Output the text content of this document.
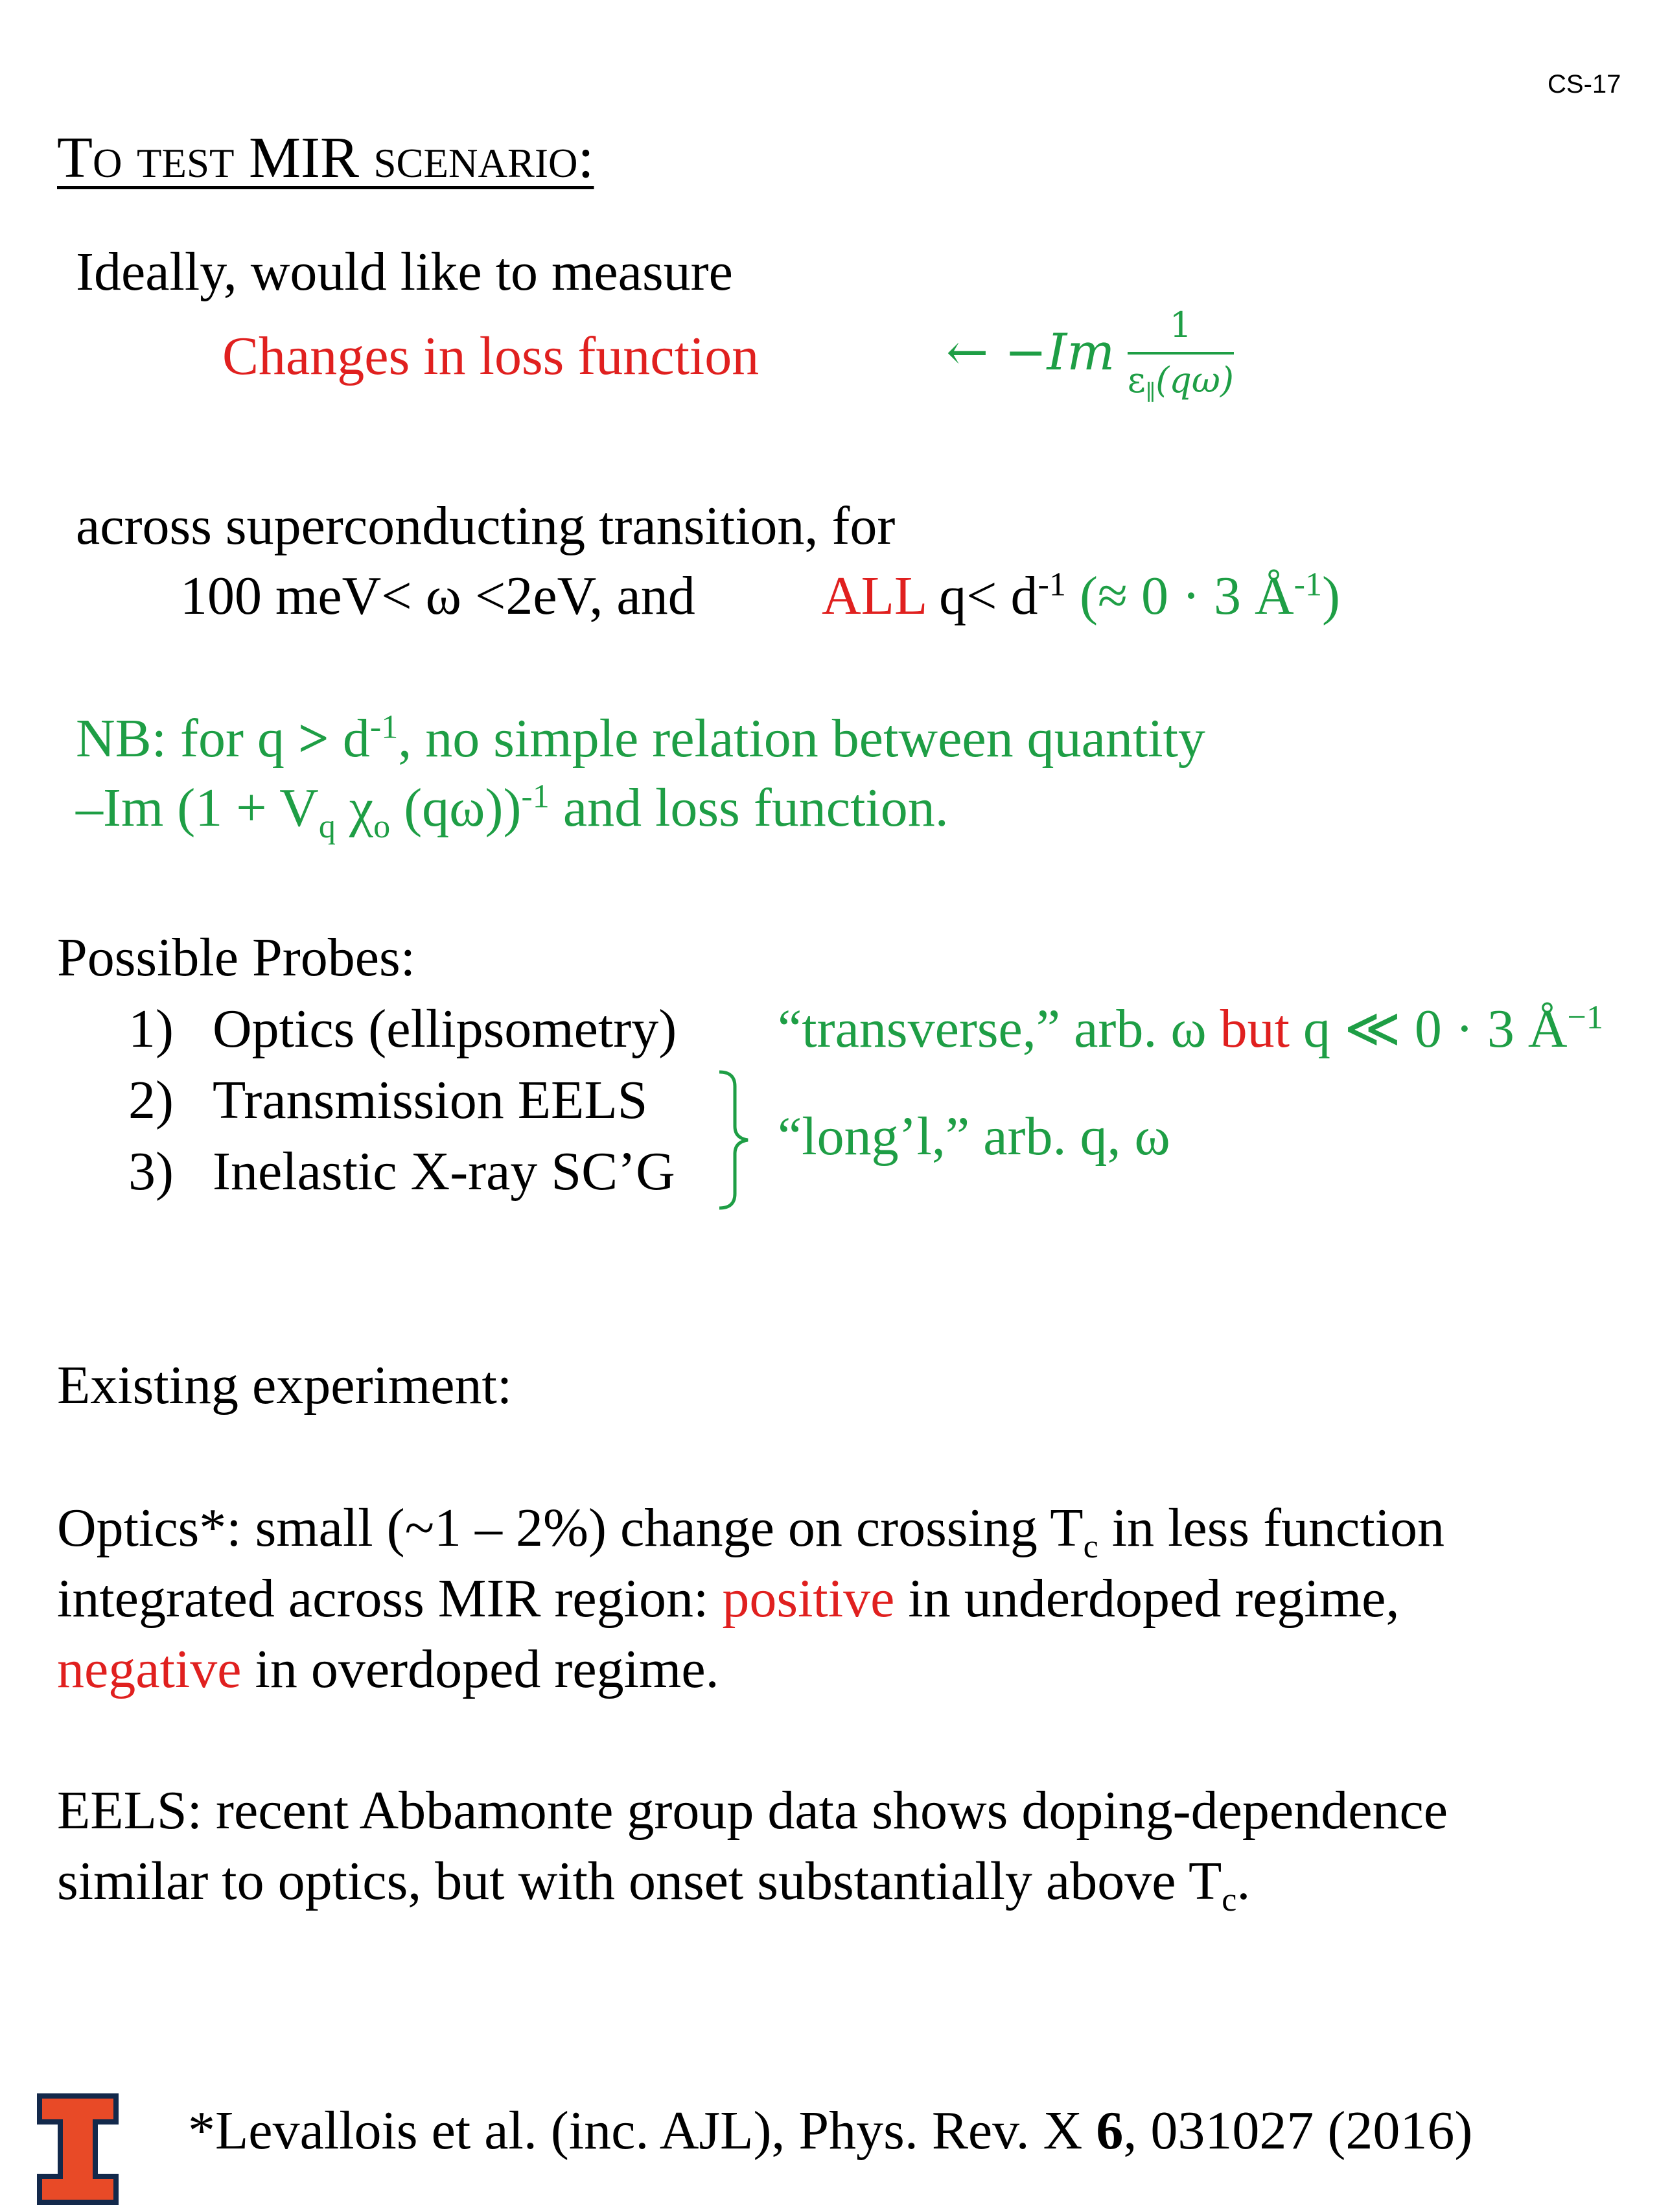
CS-17
To test MIR scenario:
Ideally, would like to measure
Changes in loss function	← $-Im \frac{1}{\varepsilon_\parallel(q\omega)}$
across superconducting transition, for
100 meV< ω <2eV, and ALL $q< d^{-1}$ (≈ 0 · 3 $Å^{-1}$)
NB: for $q > d^{-1}$, no simple relation between quantity
–Im ($1 + V_q$ $\chi_o$ (qω))$^{-1}$ and loss function.
Possible Probes:
1) Optics (ellipsometry)
2) Transmission EELS
3) Inelastic X-ray SC’G
“transverse,” arb. ω but q ≪ 0 · 3 $Å^{-1}$
“long’l,” arb. q, ω
Existing experiment:
Optics*: small (~1 – 2%) change on crossing $T_c$ in less function
integrated across MIR region: positive in underdoped regime,
negative in overdoped regime.
EELS: recent Abbamonte group data shows doping-dependence
similar to optics, but with onset substantially above $T_c$.
*Levallois et al. (inc. AJL), Phys. Rev. X 6, 031027 (2016)
